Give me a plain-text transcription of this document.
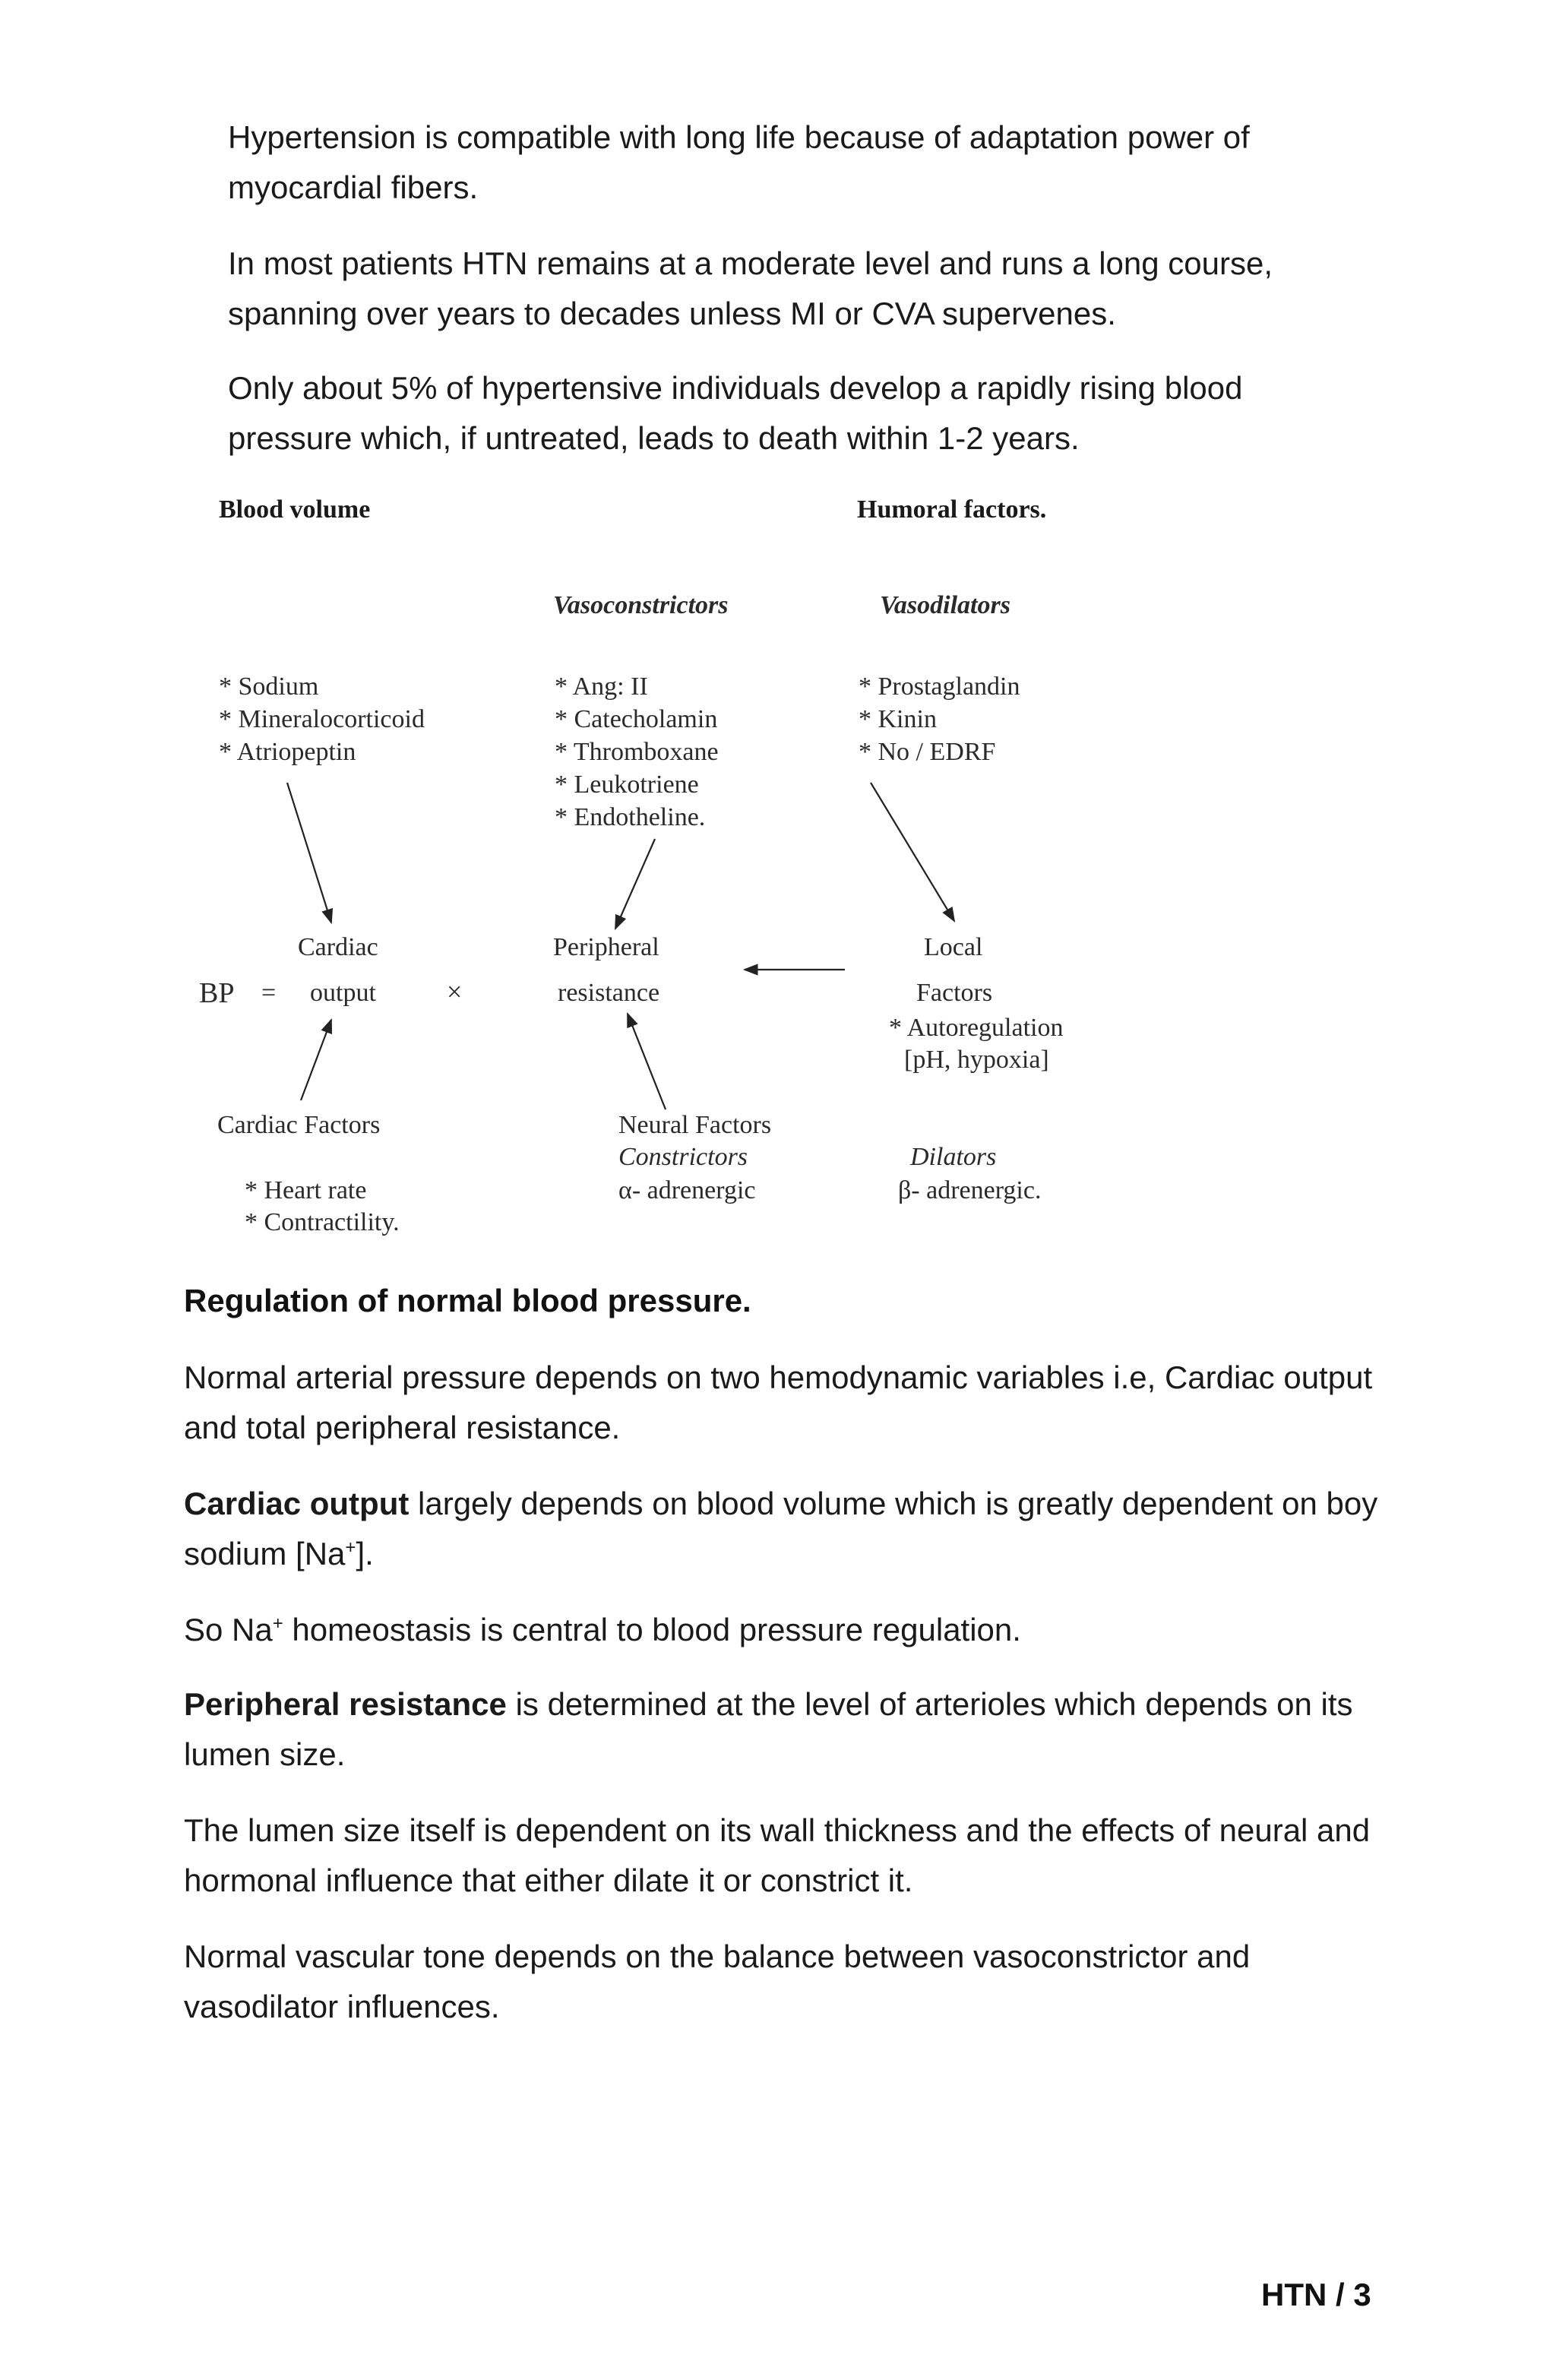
Hypertension is compatible with long life because of adaptation power of myocardial fibers.

In most patients HTN remains at a moderate level and runs a long course, spanning over years to decades unless MI or CVA supervenes.

Only about 5% of hypertensive individuals develop a rapidly rising blood pressure which, if untreated, leads to death within 1-2 years.

Blood volume	Humoral factors.
Vasoconstrictors	Vasodilators
* Sodium
* Mineralocorticoid
* Atriopeptin
* Ang: II
* Catecholamin
* Thromboxane
* Leukotriene
* Endotheline.
* Prostaglandin
* Kinin
* No / EDRF
Cardiac
BP = output	×
Peripheral
resistance
Local
Factors
* Autoregulation
[pH, hypoxia]
Cardiac Factors
* Heart rate
* Contractility.
Neural Factors
Constrictors
α- adrenergic
Dilators
β- adrenergic.
Regulation of normal blood pressure.

Normal arterial pressure depends on two hemodynamic variables i.e, Cardiac output and total peripheral resistance.

Cardiac output largely depends on blood volume which is greatly dependent on boy sodium [Na+].

So Na+ homeostasis is central to blood pressure regulation.

Peripheral resistance is determined at the level of arterioles which depends on its lumen size.

The lumen size itself is dependent on its wall thickness and the effects of neural and hormonal influence that either dilate it or constrict it.

Normal vascular tone depends on the balance between vasoconstrictor and vasodilator influences.

HTN / 3
